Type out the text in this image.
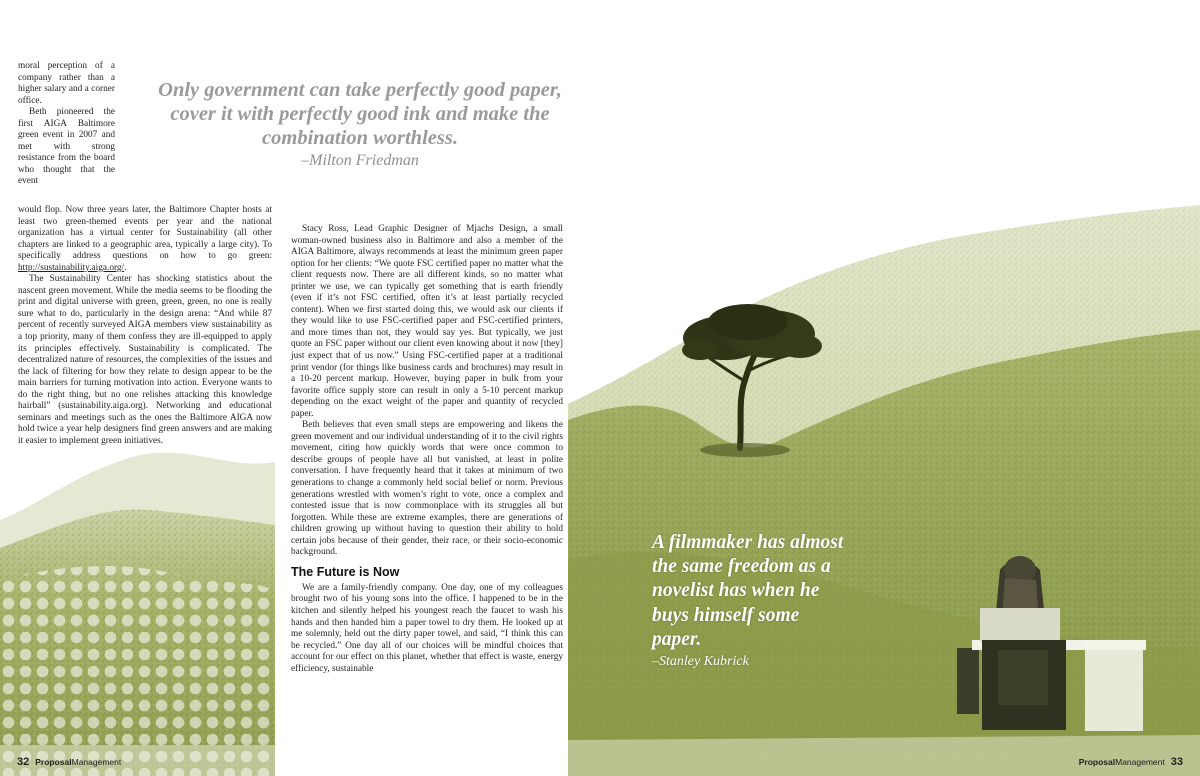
moral perception of a company rather than a higher salary and a corner office.

Beth pioneered the first AIGA Baltimore green event in 2007 and met with strong resistance from the board who thought that the event

would flop. Now three years later, the Baltimore Chapter hosts at least two green-themed events per year and the national organization has a virtual center for Sustainability (all other chapters are linked to a geographic area, typically a large city). To specifically address questions on how to go green: http://sustainability.aiga.org/.

The Sustainability Center has shocking statistics about the nascent green movement. While the media seems to be flooding the print and digital universe with green, green, green, no one is really sure what to do, particularly in the design arena: “And while 87 percent of recently surveyed AIGA members view sustainability as a top priority, many of them confess they are ill-equipped to apply its principles effectively. Sustainability is complicated. The decentralized nature of resources, the complexities of the issues and the lack of filtering for how they relate to design appear to be the main barriers for turning motivation into action. Everyone wants to do the right thing, but no one relishes attacking this knowledge hairball” (sustainability.aiga.org). Networking and educational seminars and meetings such as the ones the Baltimore AIGA now hold twice a year help designers find green answers and are making it easier to implement green initiatives.

Only government can take perfectly good paper, cover it with perfectly good ink and make the combination worthless.
–Milton Friedman

Stacy Ross, Lead Graphic Designer of Mjachs Design, a small woman-owned business also in Baltimore and also a member of the AIGA Baltimore, always recommends at least the minimum green paper option for her clients: “We quote FSC certified paper no matter what the client requests now. There are all different kinds, so no matter what printer we use, we can typically get something that is earth friendly (even if it’s not FSC certified, often it’s at least partially recycled content). When we first started doing this, we would ask our clients if they would like to use FSC-certified paper and FSC-certified printers, and more times than not, they would say yes. But typically, we just quote an FSC paper without our client even knowing about it now [they] just expect that of us now.” Using FSC-certified paper at a traditional print vendor (for things like business cards and brochures) may result in a 10-20 percent markup. However, buying paper in bulk from your favorite office supply store can result in only a 5-10 percent markup depending on the exact weight of the paper and quantity of recycled paper.

Beth believes that even small steps are empowering and likens the green movement and our individual understanding of it to the civil rights movement, citing how quickly words that were once common to describe groups of people have all but vanished, at least in polite conversation. I have frequently heard that it takes at minimum of two generations to change a commonly held social belief or norm. Previous generations wrestled with women’s right to vote, once a complex and contested issue that is now commonplace with its struggles all but forgotten. While these are extreme examples, there are generations of children growing up without having to question their ability to hold certain jobs because of their gender, their race, or their socio-economic background.

The Future is Now

We are a family-friendly company. One day, one of my colleagues brought two of his young sons into the office. I happened to be in the kitchen and silently helped his youngest reach the faucet to wash his hands and then handed him a paper towel to dry them. He looked up at me solemnly, held out the dirty paper towel, and said, “I think this can be recycled.” One day all of our choices will be mindful choices that account for our effect on this planet, whether that effect is waste, energy efficiency, sustainable

A filmmaker has almost the same freedom as a novelist has when he buys himself some paper.
–Stanley Kubrick
32 ProposalManagement	ProposalManagement 33
